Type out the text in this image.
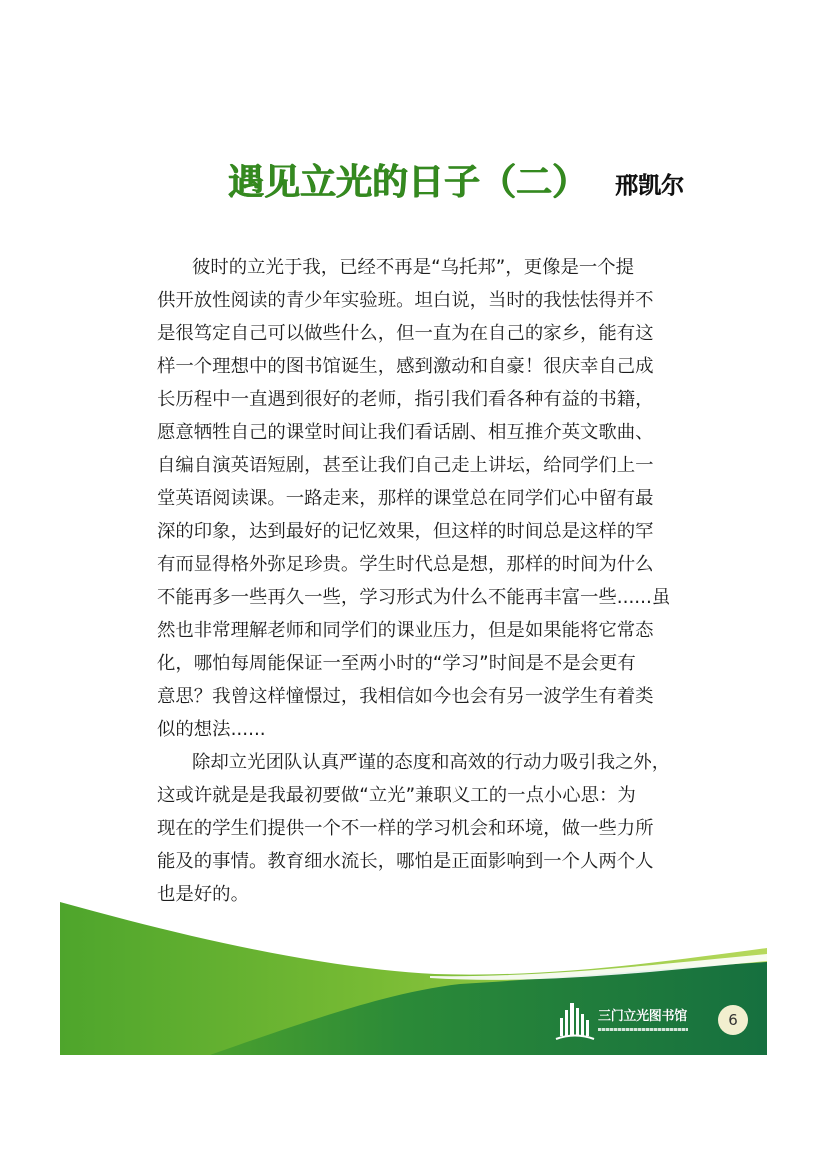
遇见立光的日子（二） 邢凯尔
彼时的立光于我，已经不再是“乌托邦”，更像是一个提
供开放性阅读的青少年实验班。坦白说，当时的我怯怯得并不
是很笃定自己可以做些什么，但一直为在自己的家乡，能有这
样一个理想中的图书馆诞生，感到激动和自豪！很庆幸自己成
长历程中一直遇到很好的老师，指引我们看各种有益的书籍，
愿意牺牲自己的课堂时间让我们看话剧、相互推介英文歌曲、
自编自演英语短剧，甚至让我们自己走上讲坛，给同学们上一
堂英语阅读课。一路走来，那样的课堂总在同学们心中留有最
深的印象，达到最好的记忆效果，但这样的时间总是这样的罕
有而显得格外弥足珍贵。学生时代总是想，那样的时间为什么
不能再多一些再久一些，学习形式为什么不能再丰富一些......虽
然也非常理解老师和同学们的课业压力，但是如果能将它常态
化，哪怕每周能保证一至两小时的“学习”时间是不是会更有
意思？我曾这样憧憬过，我相信如今也会有另一波学生有着类
似的想法......
除却立光团队认真严谨的态度和高效的行动力吸引我之外，
这或许就是是我最初要做“立光”兼职义工的一点小心思：为
现在的学生们提供一个不一样的学习机会和环境，做一些力所
能及的事情。教育细水流长，哪怕是正面影响到一个人两个人
也是好的。
三门立光图书馆	6
